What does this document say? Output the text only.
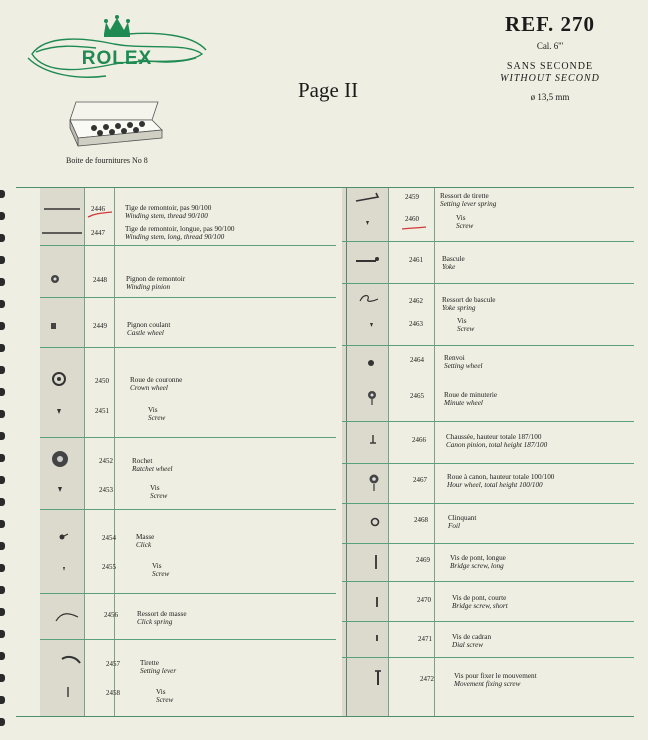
ROLEX
Boite de fournitures No 8
Page II
REF. 270
Cal. 6'''
SANS SECONDE
WITHOUT SECOND
ø 13,5 mm
2446	Tige de remontoir, pas 90/100
Winding stem, thread 90/100
2447	Tige de remontoir, longue, pas 90/100
Winding stem, long, thread 90/100
2448	Pignon de remontoir
Winding pinion
2449	Pignon coulant
Castle wheel
2450	Roue de couronne
Crown wheel
2451	Vis
Screw
2452	Rochet
Ratchet wheel
2453	Vis
Screw
2454	Masse
Click
2455	Vis
Screw
2456	Ressort de masse
Click spring
2457	Tirette
Setting lever
2458	Vis
Screw
2459	Ressort de tirette
Setting lever spring
2460	Vis
Screw
2461	Bascule
Yoke
2462	Ressort de bascule
Yoke spring
2463	Vis
Screw
2464	Renvoi
Setting wheel
2465	Roue de minuterie
Minute wheel
2466	Chaussée, hauteur totale 187/100
Canon pinion, total height 187/100
2467	Roue à canon, hauteur totale 100/100
Hour wheel, total height 100/100
2468	Clinquant
Foil
2469	Vis de pont, longue
Bridge screw, long
2470	Vis de pont, courte
Bridge screw, short
2471	Vis de cadran
Dial screw
2472	Vis pour fixer le mouvement
Movement fixing screw
